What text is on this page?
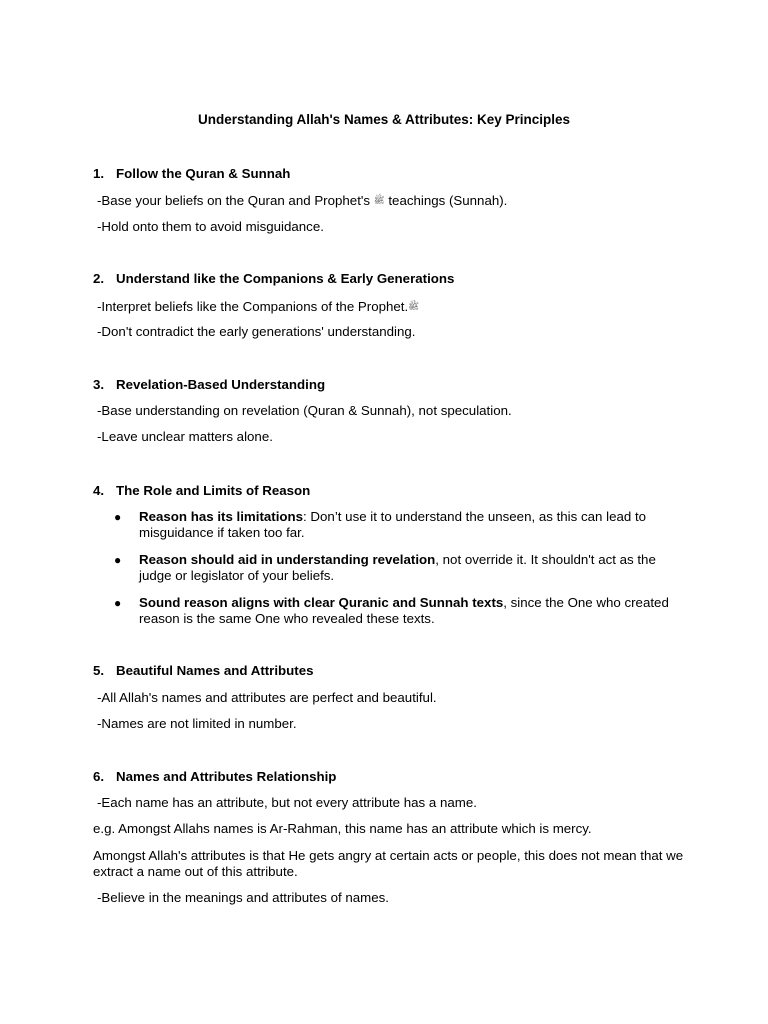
Understanding Allah's Names & Attributes: Key Principles
1. Follow the Quran & Sunnah
-Base your beliefs on the Quran and Prophet's ﷺ teachings (Sunnah).
-Hold onto them to avoid misguidance.
2. Understand like the Companions & Early Generations
-Interpret beliefs like the Companions of the Prophet.ﷺ
-Don't contradict the early generations' understanding.
3. Revelation-Based Understanding
-Base understanding on revelation (Quran & Sunnah), not speculation.
-Leave unclear matters alone.
4. The Role and Limits of Reason
● Reason has its limitations: Don’t use it to understand the unseen, as this can lead to misguidance if taken too far.
● Reason should aid in understanding revelation, not override it. It shouldn't act as the judge or legislator of your beliefs.
● Sound reason aligns with clear Quranic and Sunnah texts, since the One who created reason is the same One who revealed these texts.
5. Beautiful Names and Attributes
-All Allah's names and attributes are perfect and beautiful.
-Names are not limited in number.
6. Names and Attributes Relationship
-Each name has an attribute, but not every attribute has a name.
e.g. Amongst Allahs names is Ar-Rahman, this name has an attribute which is mercy.
Amongst Allah's attributes is that He gets angry at certain acts or people, this does not mean that we extract a name out of this attribute.
-Believe in the meanings and attributes of names.
